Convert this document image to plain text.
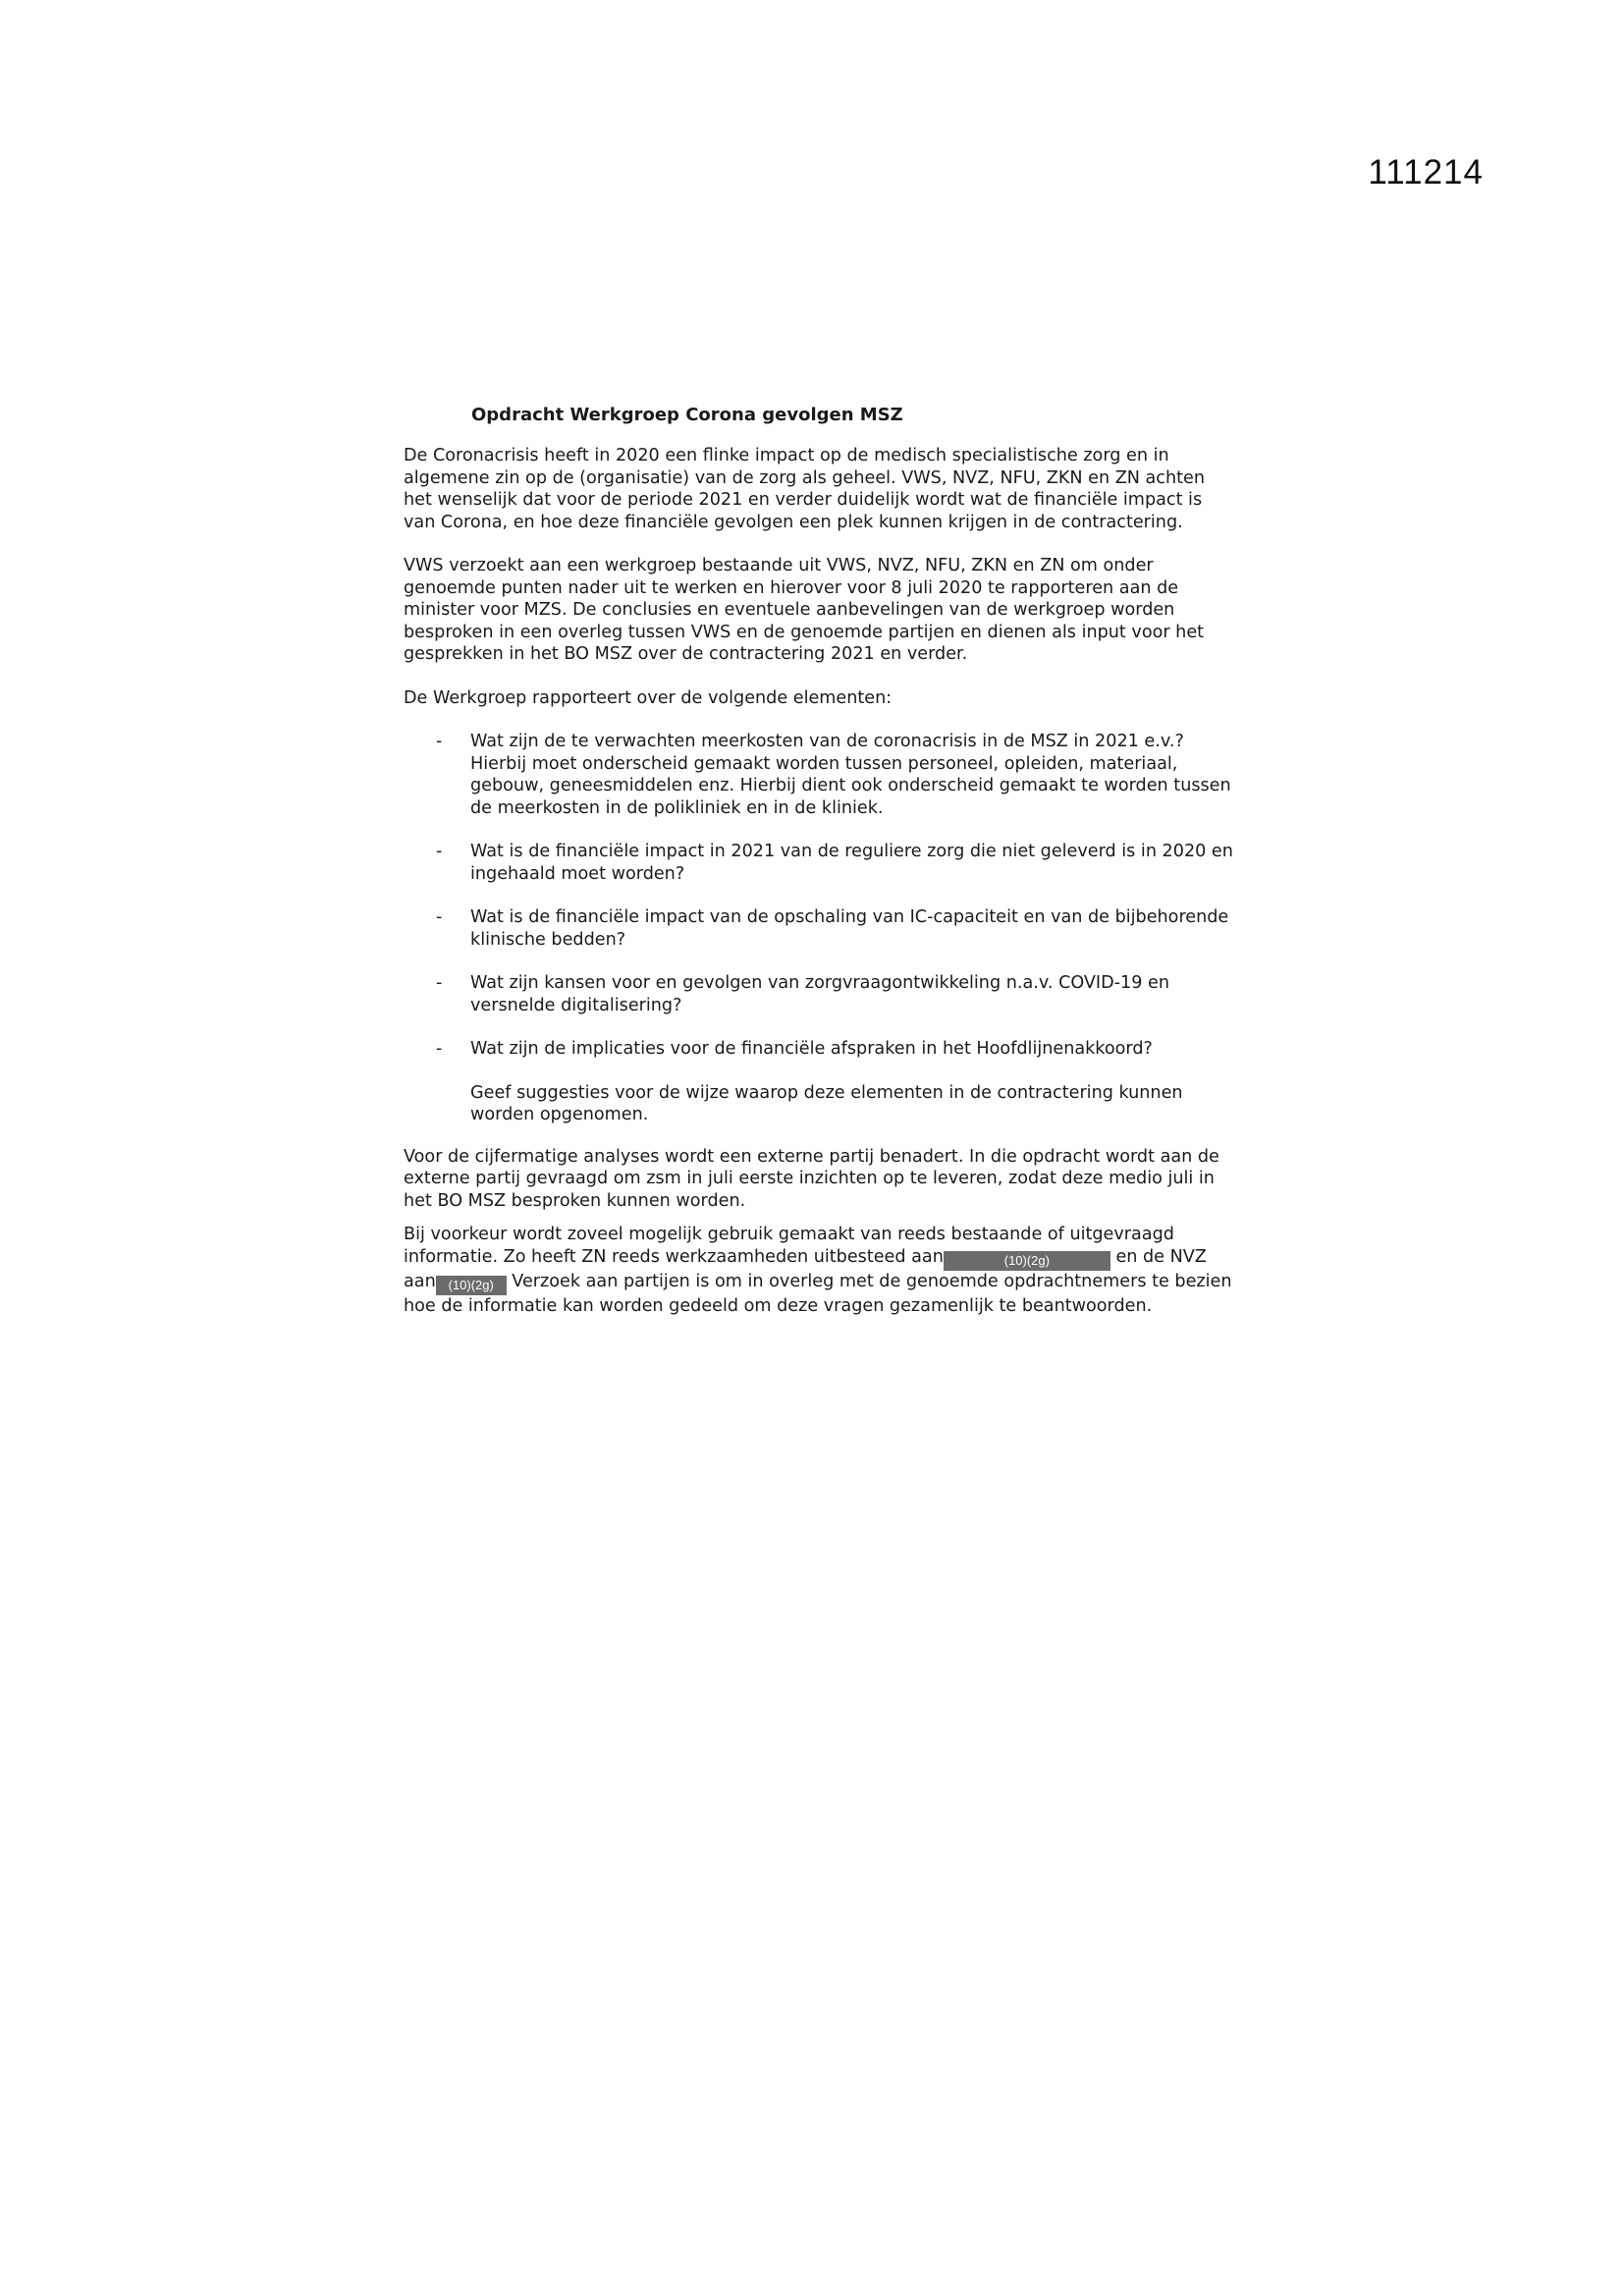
111214
Opdracht Werkgroep Corona gevolgen MSZ

De Coronacrisis heeft in 2020 een flinke impact op de medisch specialistische zorg en in algemene zin op de (organisatie) van de zorg als geheel. VWS, NVZ, NFU, ZKN en ZN achten het wenselijk dat voor de periode 2021 en verder duidelijk wordt wat de financiële impact is van Corona, en hoe deze financiële gevolgen een plek kunnen krijgen in de contractering.

VWS verzoekt aan een werkgroep bestaande uit VWS, NVZ, NFU, ZKN en ZN om onder genoemde punten nader uit te werken en hierover voor 8 juli 2020 te rapporteren aan de minister voor MZS. De conclusies en eventuele aanbevelingen van de werkgroep worden besproken in een overleg tussen VWS en de genoemde partijen en dienen als input voor het gesprekken in het BO MSZ over de contractering 2021 en verder.

De Werkgroep rapporteert over de volgende elementen:

- Wat zijn de te verwachten meerkosten van de coronacrisis in de MSZ in 2021 e.v.? Hierbij moet onderscheid gemaakt worden tussen personeel, opleiden, materiaal, gebouw, geneesmiddelen enz. Hierbij dient ook onderscheid gemaakt te worden tussen de meerkosten in de polikliniek en in de kliniek.
- Wat is de financiële impact in 2021 van de reguliere zorg die niet geleverd is in 2020 en ingehaald moet worden?
- Wat is de financiële impact van de opschaling van IC-capaciteit en van de bijbehorende klinische bedden?
- Wat zijn kansen voor en gevolgen van zorgvraagontwikkeling n.a.v. COVID-19 en versnelde digitalisering?
- Wat zijn de implicaties voor de financiële afspraken in het Hoofdlijnenakkoord?

Geef suggesties voor de wijze waarop deze elementen in de contractering kunnen worden opgenomen.

Voor de cijfermatige analyses wordt een externe partij benadert. In die opdracht wordt aan de externe partij gevraagd om zsm in juli eerste inzichten op te leveren, zodat deze medio juli in het BO MSZ besproken kunnen worden.

Bij voorkeur wordt zoveel mogelijk gebruik gemaakt van reeds bestaande of uitgevraagd informatie. Zo heeft ZN reeds werkzaamheden uitbesteed aan	(10)(2g)	en de NVZ aan (10)(2g) Verzoek aan partijen is om in overleg met de genoemde opdrachtnemers te bezien hoe de informatie kan worden gedeeld om deze vragen gezamenlijk te beantwoorden.
